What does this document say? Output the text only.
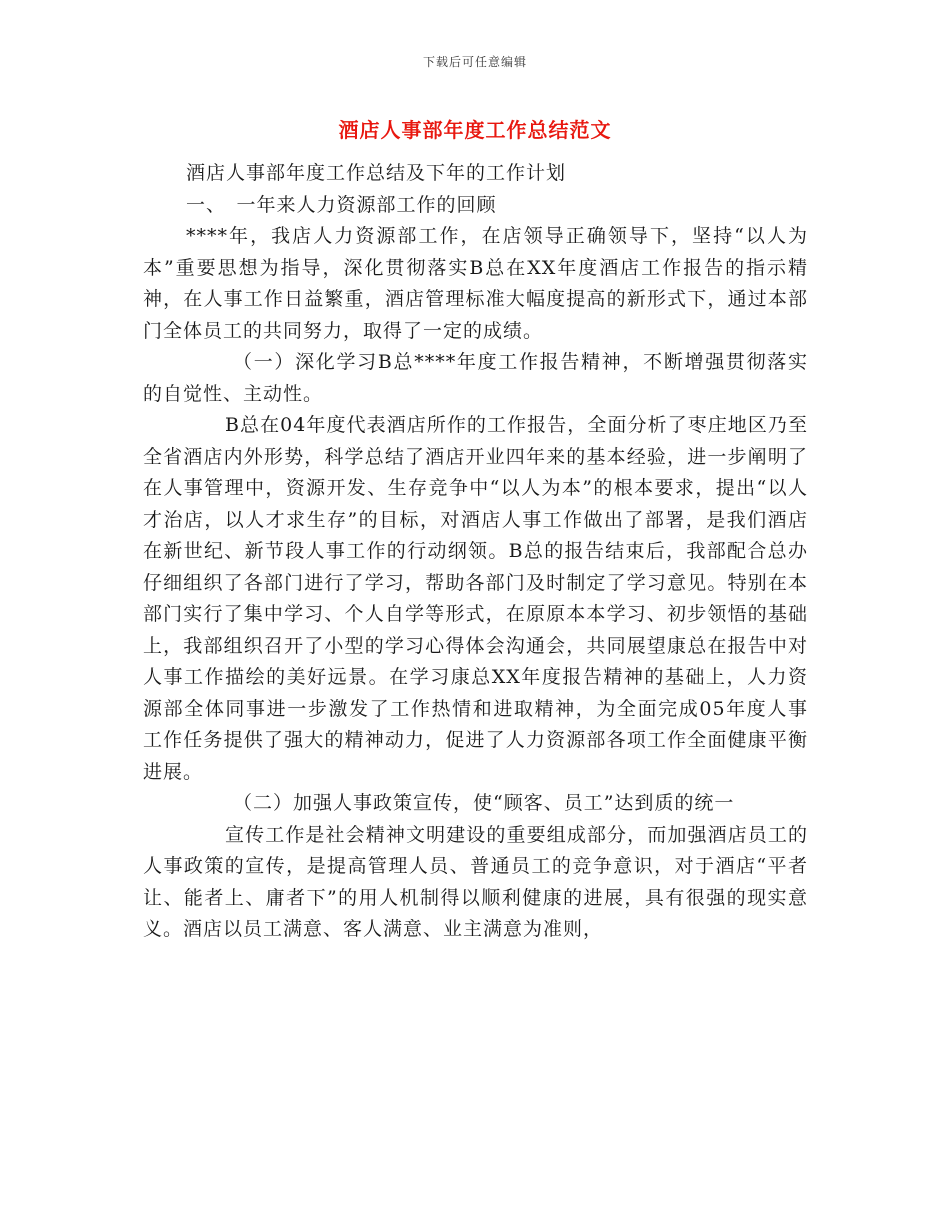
下载后可任意编辑
酒店人事部年度工作总结范文

酒店人事部年度工作总结及下年的工作计划

一、　一年来人力资源部工作的回顾

****年，我店人力资源部工作，在店领导正确领导下，坚持“以人为本”重要思想为指导，深化贯彻落实B总在XX年度酒店工作报告的指示精神，在人事工作日益繁重，酒店管理标准大幅度提高的新形式下，通过本部门全体员工的共同努力，取得了一定的成绩。

（一）深化学习B总****年度工作报告精神，不断增强贯彻落实的自觉性、主动性。

B总在04年度代表酒店所作的工作报告，全面分析了枣庄地区乃至全省酒店内外形势，科学总结了酒店开业四年来的基本经验，进一步阐明了在人事管理中，资源开发、生存竞争中“以人为本”的根本要求，提出“以人才治店，以人才求生存”的目标，对酒店人事工作做出了部署，是我们酒店在新世纪、新节段人事工作的行动纲领。B总的报告结束后，我部配合总办仔细组织了各部门进行了学习，帮助各部门及时制定了学习意见。特别在本部门实行了集中学习、个人自学等形式，在原原本本学习、初步领悟的基础上，我部组织召开了小型的学习心得体会沟通会，共同展望康总在报告中对人事工作描绘的美好远景。在学习康总XX年度报告精神的基础上，人力资源部全体同事进一步激发了工作热情和进取精神，为全面完成05年度人事工作任务提供了强大的精神动力，促进了人力资源部各项工作全面健康平衡进展。

（二）加强人事政策宣传，使“顾客、员工”达到质的统一

宣传工作是社会精神文明建设的重要组成部分，而加强酒店员工的人事政策的宣传，是提高管理人员、普通员工的竞争意识，对于酒店“平者让、能者上、庸者下”的用人机制得以顺利健康的进展，具有很强的现实意义。酒店以员工满意、客人满意、业主满意为准则，
